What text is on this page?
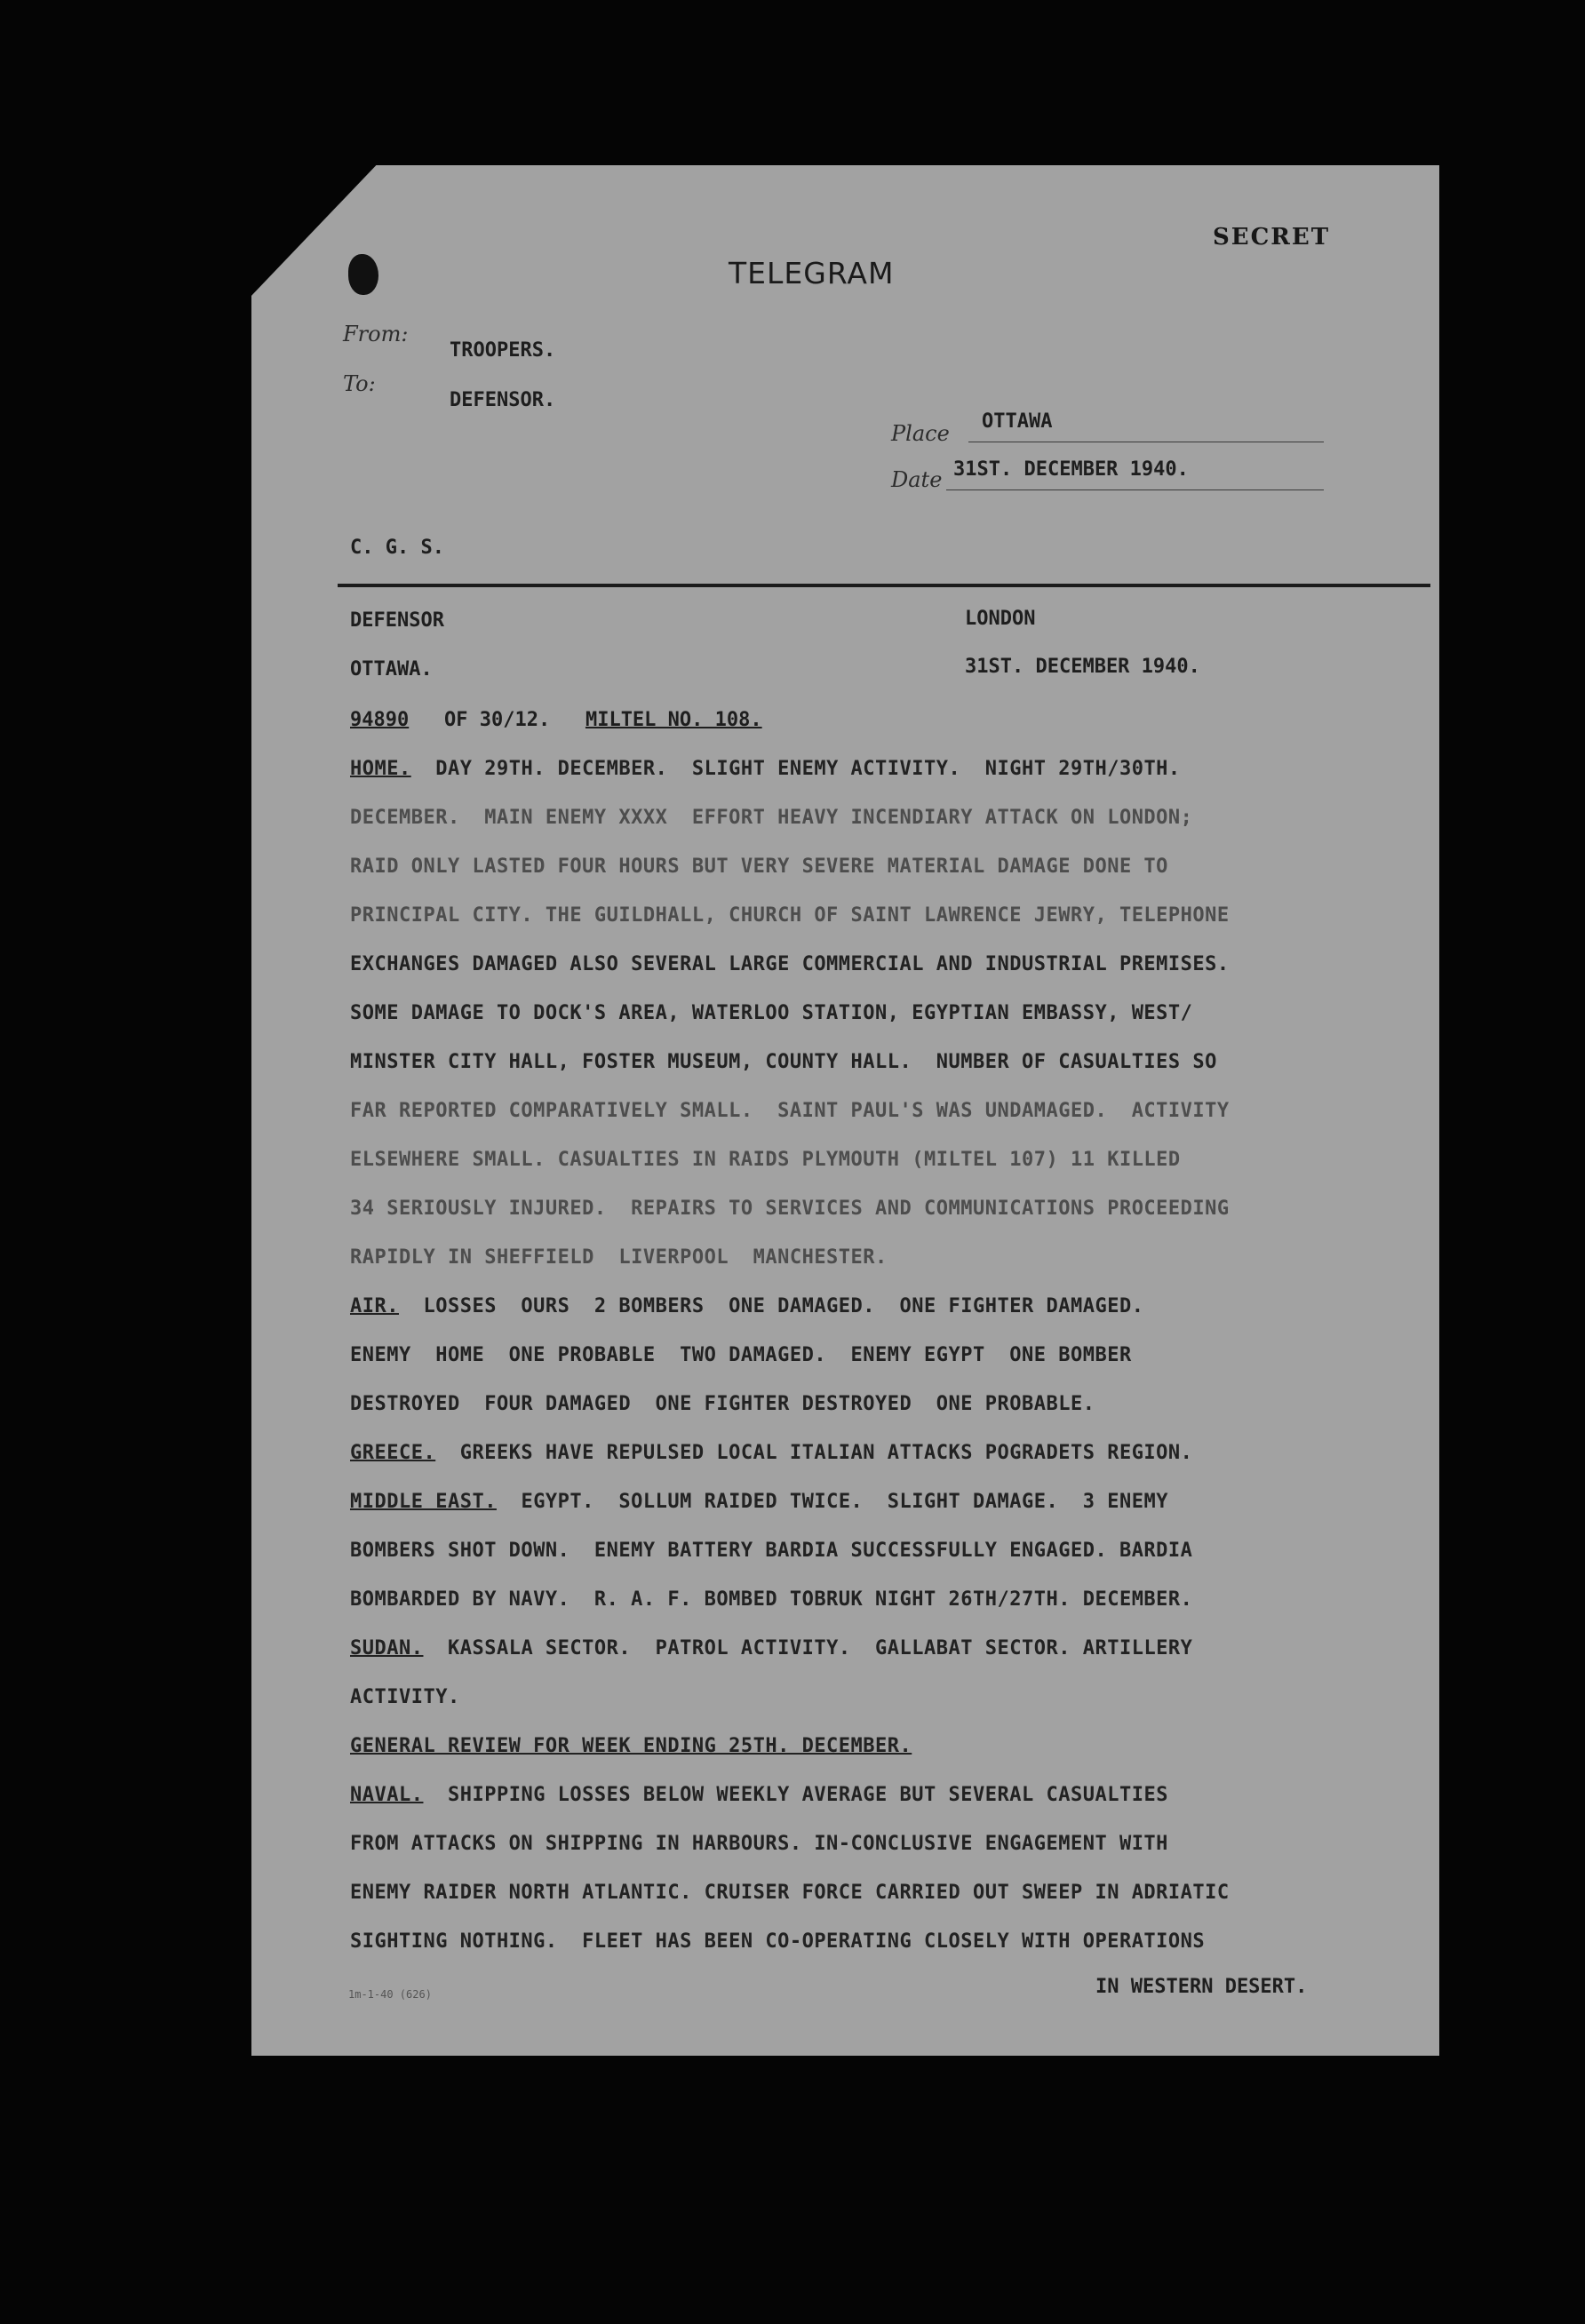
SECRET
TELEGRAM
From:
TROOPERS.
To:
DEFENSOR.
Place OTTAWA
Date 31ST. DECEMBER 1940.
C. G. S.
DEFENSOR
OTTAWA.
LONDON
31ST. DECEMBER 1940.
94890 OF 30/12. MILTEL NO. 108.
HOME.  DAY 29TH. DECEMBER.  SLIGHT ENEMY ACTIVITY.  NIGHT 29TH/30TH.
DECEMBER.  MAIN ENEMY XXXX  EFFORT HEAVY INCENDIARY ATTACK ON LONDON;
RAID ONLY LASTED FOUR HOURS BUT VERY SEVERE MATERIAL DAMAGE DONE TO
PRINCIPAL CITY. THE GUILDHALL, CHURCH OF SAINT LAWRENCE JEWRY, TELEPHONE
EXCHANGES DAMAGED ALSO SEVERAL LARGE COMMERCIAL AND INDUSTRIAL PREMISES.
SOME DAMAGE TO DOCK'S AREA, WATERLOO STATION, EGYPTIAN EMBASSY, WEST/
MINSTER CITY HALL, FOSTER MUSEUM, COUNTY HALL.  NUMBER OF CASUALTIES SO
FAR REPORTED COMPARATIVELY SMALL.  SAINT PAUL'S WAS UNDAMAGED.  ACTIVITY
ELSEWHERE SMALL. CASUALTIES IN RAIDS PLYMOUTH (MILTEL 107) 11 KILLED
34 SERIOUSLY INJURED.  REPAIRS TO SERVICES AND COMMUNICATIONS PROCEEDING
RAPIDLY IN SHEFFIELD  LIVERPOOL  MANCHESTER.
AIR.  LOSSES  OURS  2 BOMBERS  ONE DAMAGED.  ONE FIGHTER DAMAGED.
ENEMY  HOME  ONE PROBABLE  TWO DAMAGED.  ENEMY EGYPT  ONE BOMBER
DESTROYED  FOUR DAMAGED  ONE FIGHTER DESTROYED  ONE PROBABLE.
GREECE.  GREEKS HAVE REPULSED LOCAL ITALIAN ATTACKS POGRADETS REGION.
MIDDLE EAST.  EGYPT.  SOLLUM RAIDED TWICE.  SLIGHT DAMAGE.  3 ENEMY
BOMBERS SHOT DOWN.  ENEMY BATTERY BARDIA SUCCESSFULLY ENGAGED. BARDIA
BOMBARDED BY NAVY.  R. A. F. BOMBED TOBRUK NIGHT 26TH/27TH. DECEMBER.
SUDAN.  KASSALA SECTOR.  PATROL ACTIVITY.  GALLABAT SECTOR. ARTILLERY
ACTIVITY.
GENERAL REVIEW FOR WEEK ENDING 25TH. DECEMBER.
NAVAL.  SHIPPING LOSSES BELOW WEEKLY AVERAGE BUT SEVERAL CASUALTIES
FROM ATTACKS ON SHIPPING IN HARBOURS. IN-CONCLUSIVE ENGAGEMENT WITH
ENEMY RAIDER NORTH ATLANTIC. CRUISER FORCE CARRIED OUT SWEEP IN ADRIATIC
SIGHTING NOTHING.  FLEET HAS BEEN CO-OPERATING CLOSELY WITH OPERATIONS
IN WESTERN DESERT.
1m-1-40 (626)
